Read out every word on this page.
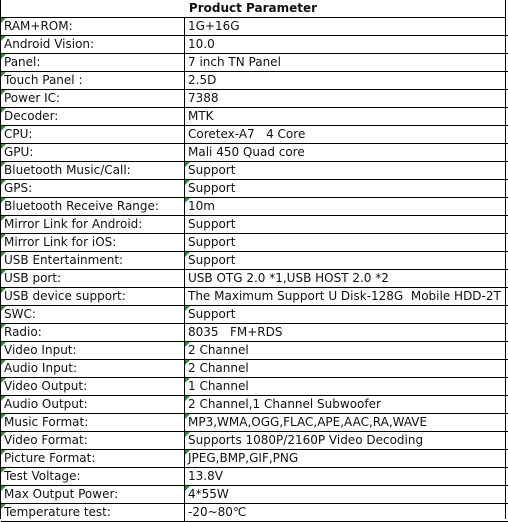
Product Parameter
RAM+ROM:	1G+16G
Android Vision:	10.0
Panel:	7 inch TN Panel
Touch Panel :	2.5D
Power IC:	7388
Decoder:	MTK
CPU:	Coretex-A7   4 Core
GPU:	Mali 450 Quad core
Bluetooth Music/Call:	Support
GPS:	Support
Bluetooth Receive Range:	10m
Mirror Link for Android:	Support
Mirror Link for iOS:	Support
USB Entertainment:	Support
USB port:	USB OTG 2.0 *1,USB HOST 2.0 *2
USB device support:	The Maximum Support U Disk-128G  Mobile HDD-2T
SWC:	Support
Radio:	8035   FM+RDS
Video Input:	2 Channel
Audio Input:	2 Channel
Video Output:	1 Channel
Audio Output:	2 Channel,1 Channel Subwoofer
Music Format:	MP3,WMA,OGG,FLAC,APE,AAC,RA,WAVE
Video Format:	Supports 1080P/2160P Video Decoding
Picture Format:	JPEG,BMP,GIF,PNG
Test Voltage:	13.8V
Max Output Power:	4*55W
Temperature test:	-20~80℃
